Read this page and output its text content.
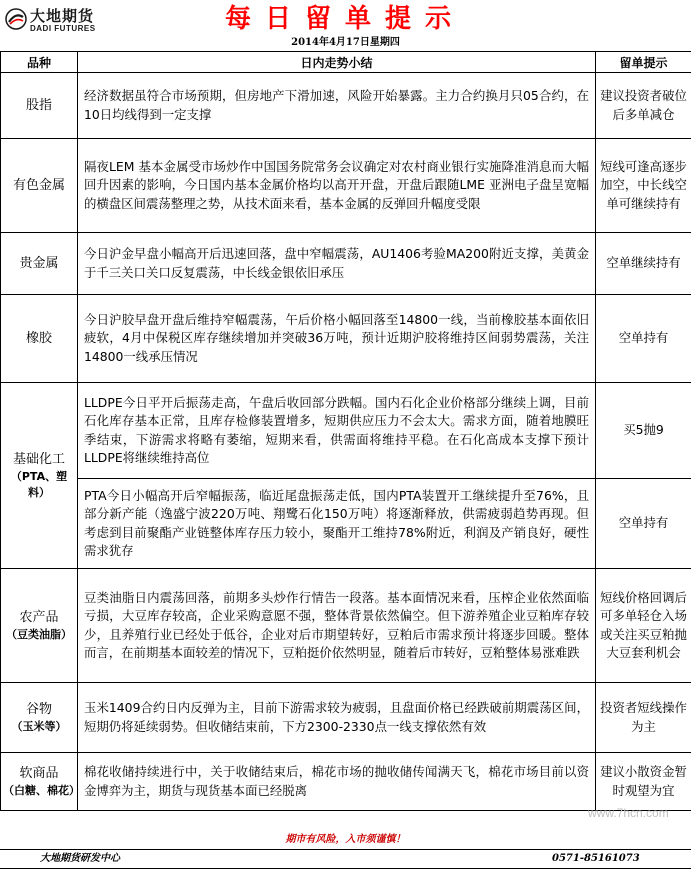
大地期货
DADI FUTURES	每日留单提示
2014年4月17日星期四
品种	日内走势小结	留单提示

股指	经济数据虽符合市场预期，但房地产下滑加速，风险开始暴露。主力合约换月只05合约，在10日均线得到一定支撑	建议投资者破位后多单减仓

有色金属	隔夜LEM 基本金属受市场炒作中国国务院常务会议确定对农村商业银行实施降准消息而大幅回升因素的影响，今日国内基本金属价格均以高开开盘，开盘后跟随LME 亚洲电子盘呈宽幅的横盘区间震荡整理之势，从技术面来看，基本金属的反弹回升幅度受限	短线可逢高逐步加空，中长线空单可继续持有

贵金属	今日沪金早盘小幅高开后迅速回落，盘中窄幅震荡，AU1406考验MA200附近支撑，美黄金于千三关口关口反复震荡，中长线金银依旧承压	空单继续持有

橡胶	今日沪胶早盘开盘后维持窄幅震荡，午后价格小幅回落至14800一线，当前橡胶基本面依旧疲软，4月中保税区库存继续增加并突破36万吨，预计近期沪胶将维持区间弱势震荡，关注14800一线承压情况	空单持有

基础化工
（PTA、塑料）	LLDPE今日平开后振荡走高，午盘后收回部分跌幅。国内石化企业价格部分继续上调，目前石化库存基本正常，且库存检修装置增多，短期供应压力不会太大。需求方面，随着地膜旺季结束，下游需求将略有萎缩，短期来看，供需面将维持平稳。在石化高成本支撑下预计LLDPE将继续维持高位	买5抛9
	PTA今日小幅高开后窄幅振荡，临近尾盘振荡走低，国内PTA装置开工继续提升至76%，且部分新产能（逸盛宁波220万吨、翔鹭石化150万吨）将逐渐释放，供需疲弱趋势再现。但考虑到目前聚酯产业链整体库存压力较小，聚酯开工维持78%附近，利润及产销良好，硬性需求犹存	空单持有

农产品
（豆类油脂）	豆类油脂日内震荡回落，前期多头炒作行情告一段落。基本面情况来看，压榨企业依然面临亏损，大豆库存较高，企业采购意愿不强，整体背景依然偏空。但下游养殖企业豆粕库存较少，且养殖行业已经处于低谷，企业对后市期望转好，豆粕后市需求预计将逐步回暖。整体而言，在前期基本面较差的情况下，豆粕挺价依然明显，随着后市转好，豆粕整体易涨难跌	短线价格回调后可多单轻仓入场或关注买豆粕抛大豆套利机会

谷物
（玉米等）	玉米1409合约日内反弹为主，目前下游需求较为疲弱，且盘面价格已经跌破前期震荡区间，短期仍将延续弱势。但收储结束前，下方2300-2330点一线支撑依然有效	投资者短线操作为主

软商品
（白糖、棉花）	棉花收储持续进行中，关于收储结束后，棉花市场的抛收储传闻满天飞，棉花市场目前以资金博弈为主，期货与现货基本面已经脱离	建议小散资金暂时观望为宜
www.7hcn.com
期市有风险，入市须谨慎！
大地期货研发中心	0571-85161073
